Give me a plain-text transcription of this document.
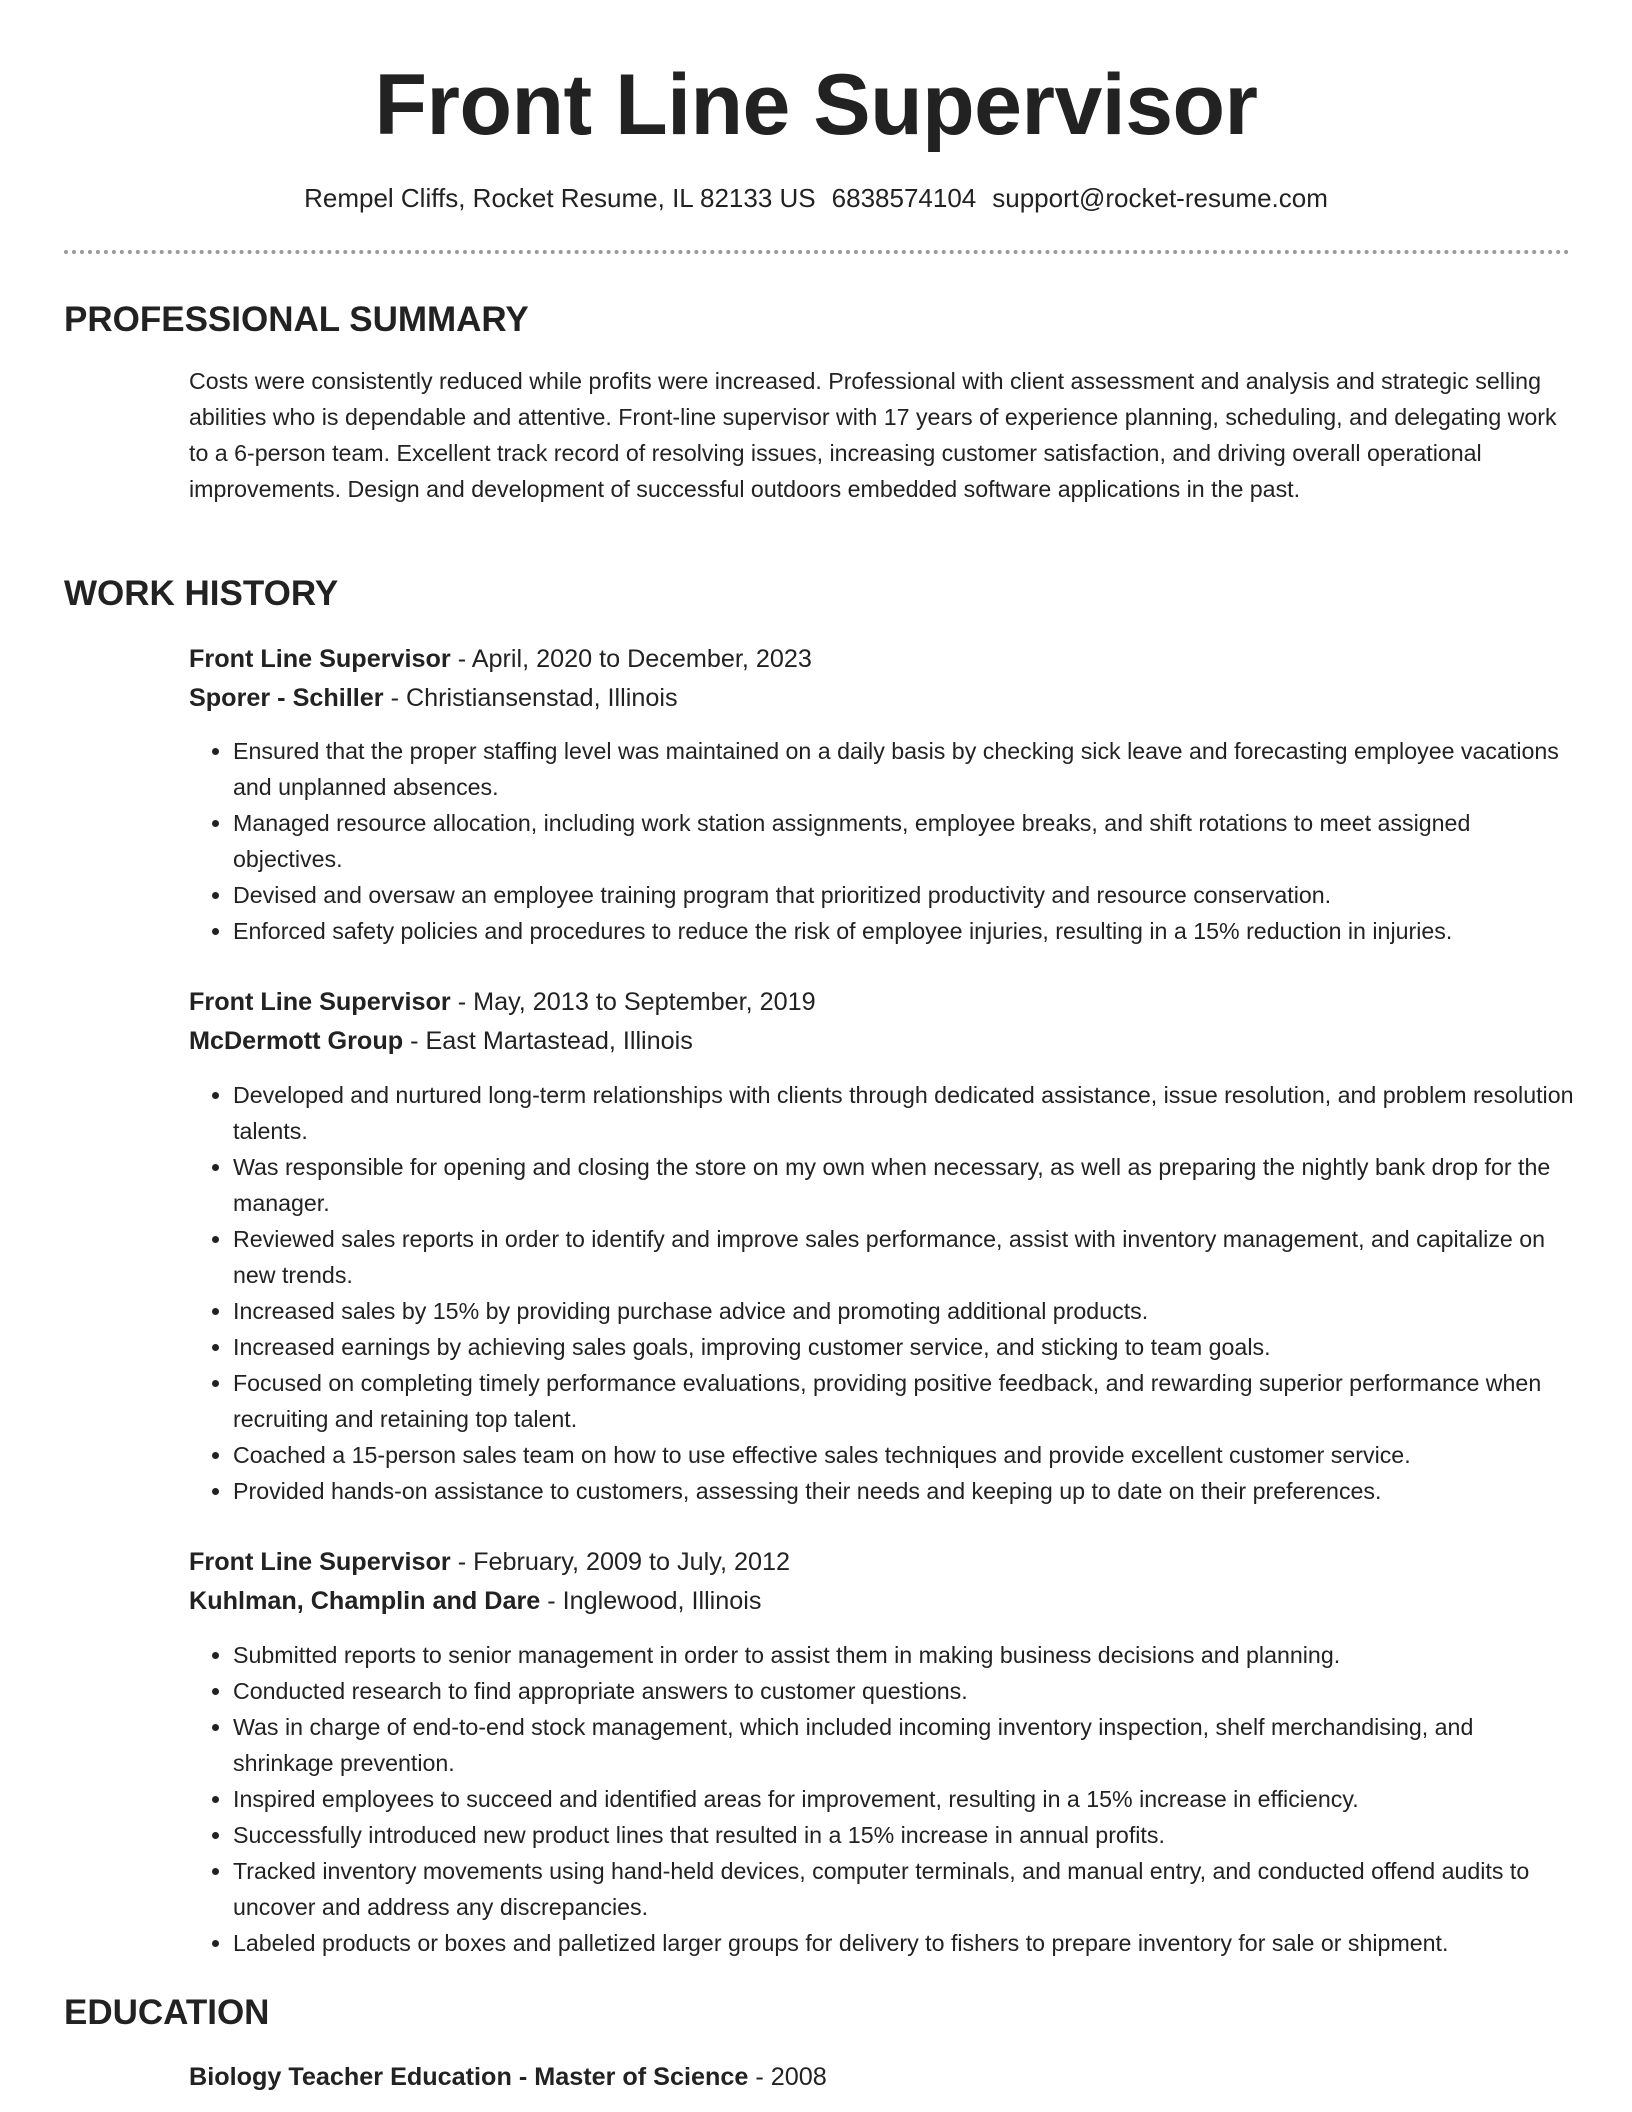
Front Line Supervisor
Rempel Cliffs, Rocket Resume, IL 82133 US 6838574104 support@rocket-resume.com
PROFESSIONAL SUMMARY

Costs were consistently reduced while profits were increased. Professional with client assessment and analysis and strategic selling abilities who is dependable and attentive. Front-line supervisor with 17 years of experience planning, scheduling, and delegating work to a 6-person team. Excellent track record of resolving issues, increasing customer satisfaction, and driving overall operational improvements. Design and development of successful outdoors embedded software applications in the past.

WORK HISTORY
Front Line Supervisor - April, 2020 to December, 2023
Sporer - Schiller - Christiansenstad, Illinois
• Ensured that the proper staffing level was maintained on a daily basis by checking sick leave and forecasting employee vacations and unplanned absences.
• Managed resource allocation, including work station assignments, employee breaks, and shift rotations to meet assigned objectives.
• Devised and oversaw an employee training program that prioritized productivity and resource conservation.
• Enforced safety policies and procedures to reduce the risk of employee injuries, resulting in a 15% reduction in injuries.
Front Line Supervisor - May, 2013 to September, 2019
McDermott Group - East Martastead, Illinois
• Developed and nurtured long-term relationships with clients through dedicated assistance, issue resolution, and problem resolution talents.
• Was responsible for opening and closing the store on my own when necessary, as well as preparing the nightly bank drop for the manager.
• Reviewed sales reports in order to identify and improve sales performance, assist with inventory management, and capitalize on new trends.
• Increased sales by 15% by providing purchase advice and promoting additional products.
• Increased earnings by achieving sales goals, improving customer service, and sticking to team goals.
• Focused on completing timely performance evaluations, providing positive feedback, and rewarding superior performance when recruiting and retaining top talent.
• Coached a 15-person sales team on how to use effective sales techniques and provide excellent customer service.
• Provided hands-on assistance to customers, assessing their needs and keeping up to date on their preferences.
Front Line Supervisor - February, 2009 to July, 2012
Kuhlman, Champlin and Dare - Inglewood, Illinois
• Submitted reports to senior management in order to assist them in making business decisions and planning.
• Conducted research to find appropriate answers to customer questions.
• Was in charge of end-to-end stock management, which included incoming inventory inspection, shelf merchandising, and shrinkage prevention.
• Inspired employees to succeed and identified areas for improvement, resulting in a 15% increase in efficiency.
• Successfully introduced new product lines that resulted in a 15% increase in annual profits.
• Tracked inventory movements using hand-held devices, computer terminals, and manual entry, and conducted offend audits to uncover and address any discrepancies.
• Labeled products or boxes and palletized larger groups for delivery to fishers to prepare inventory for sale or shipment.
EDUCATION
Biology Teacher Education - Master of Science - 2008
